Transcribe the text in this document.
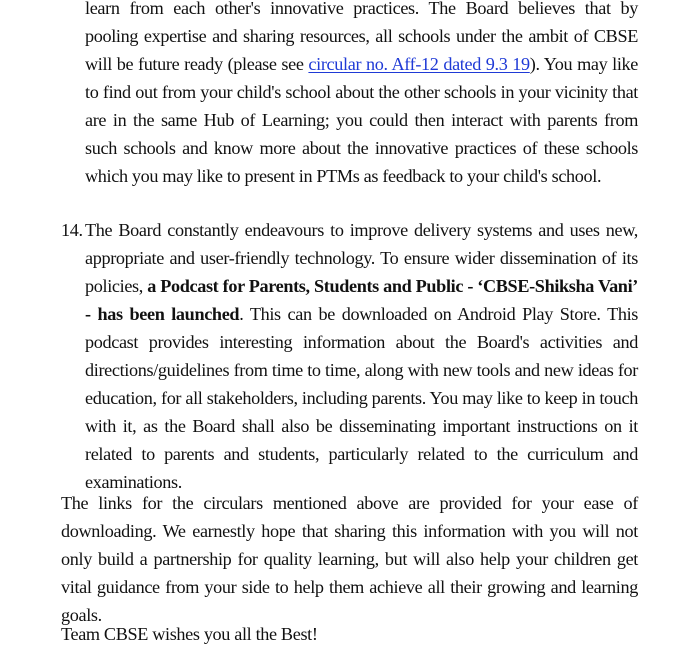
learn from each other's innovative practices. The Board believes that by pooling expertise and sharing resources, all schools under the ambit of CBSE will be future ready (please see circular no. Aff-12 dated 9.3 19). You may like to find out from your child's school about the other schools in your vicinity that are in the same Hub of Learning; you could then interact with parents from such schools and know more about the innovative practices of these schools which you may like to present in PTMs as feedback to your child's school.

14. The Board constantly endeavours to improve delivery systems and uses new, appropriate and user-friendly technology. To ensure wider dissemination of its policies, a Podcast for Parents, Students and Public - ‘CBSE-Shiksha Vani’ - has been launched. This can be downloaded on Android Play Store. This podcast provides interesting information about the Board's activities and directions/guidelines from time to time, along with new tools and new ideas for education, for all stakeholders, including parents. You may like to keep in touch with it, as the Board shall also be disseminating important instructions on it related to parents and students, particularly related to the curriculum and examinations.

The links for the circulars mentioned above are provided for your ease of downloading. We earnestly hope that sharing this information with you will not only build a partnership for quality learning, but will also help your children get vital guidance from your side to help them achieve all their growing and learning goals.

Team CBSE wishes you all the Best!
